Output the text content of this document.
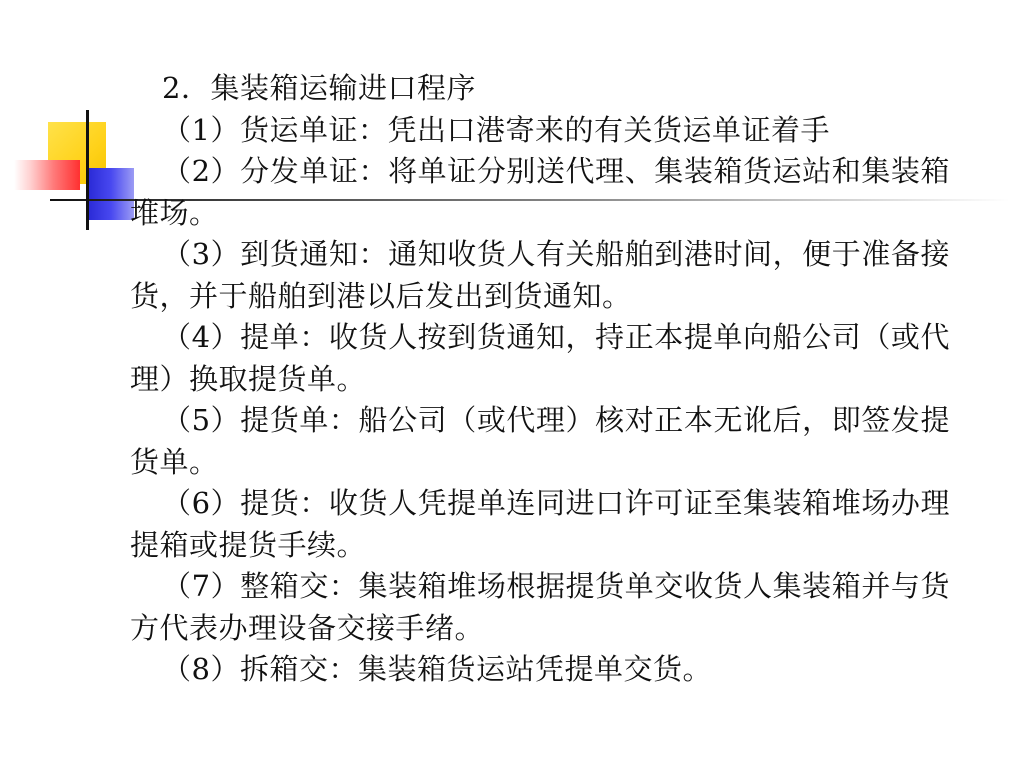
2．集装箱运输进口程序

（1）货运单证：凭出口港寄来的有关货运单证着手

（2）分发单证：将单证分别送代理、集装箱货运站和集装箱堆场。

（3）到货通知：通知收货人有关船舶到港时间，便于准备接货，并于船舶到港以后发出到货通知。

（4）提单：收货人按到货通知，持正本提单向船公司（或代理）换取提货单。

（5）提货单：船公司（或代理）核对正本无讹后，即签发提货单。

（6）提货：收货人凭提单连同进口许可证至集装箱堆场办理提箱或提货手续。

（7）整箱交：集装箱堆场根据提货单交收货人集装箱并与货方代表办理设备交接手绪。

（8）拆箱交：集装箱货运站凭提单交货。
